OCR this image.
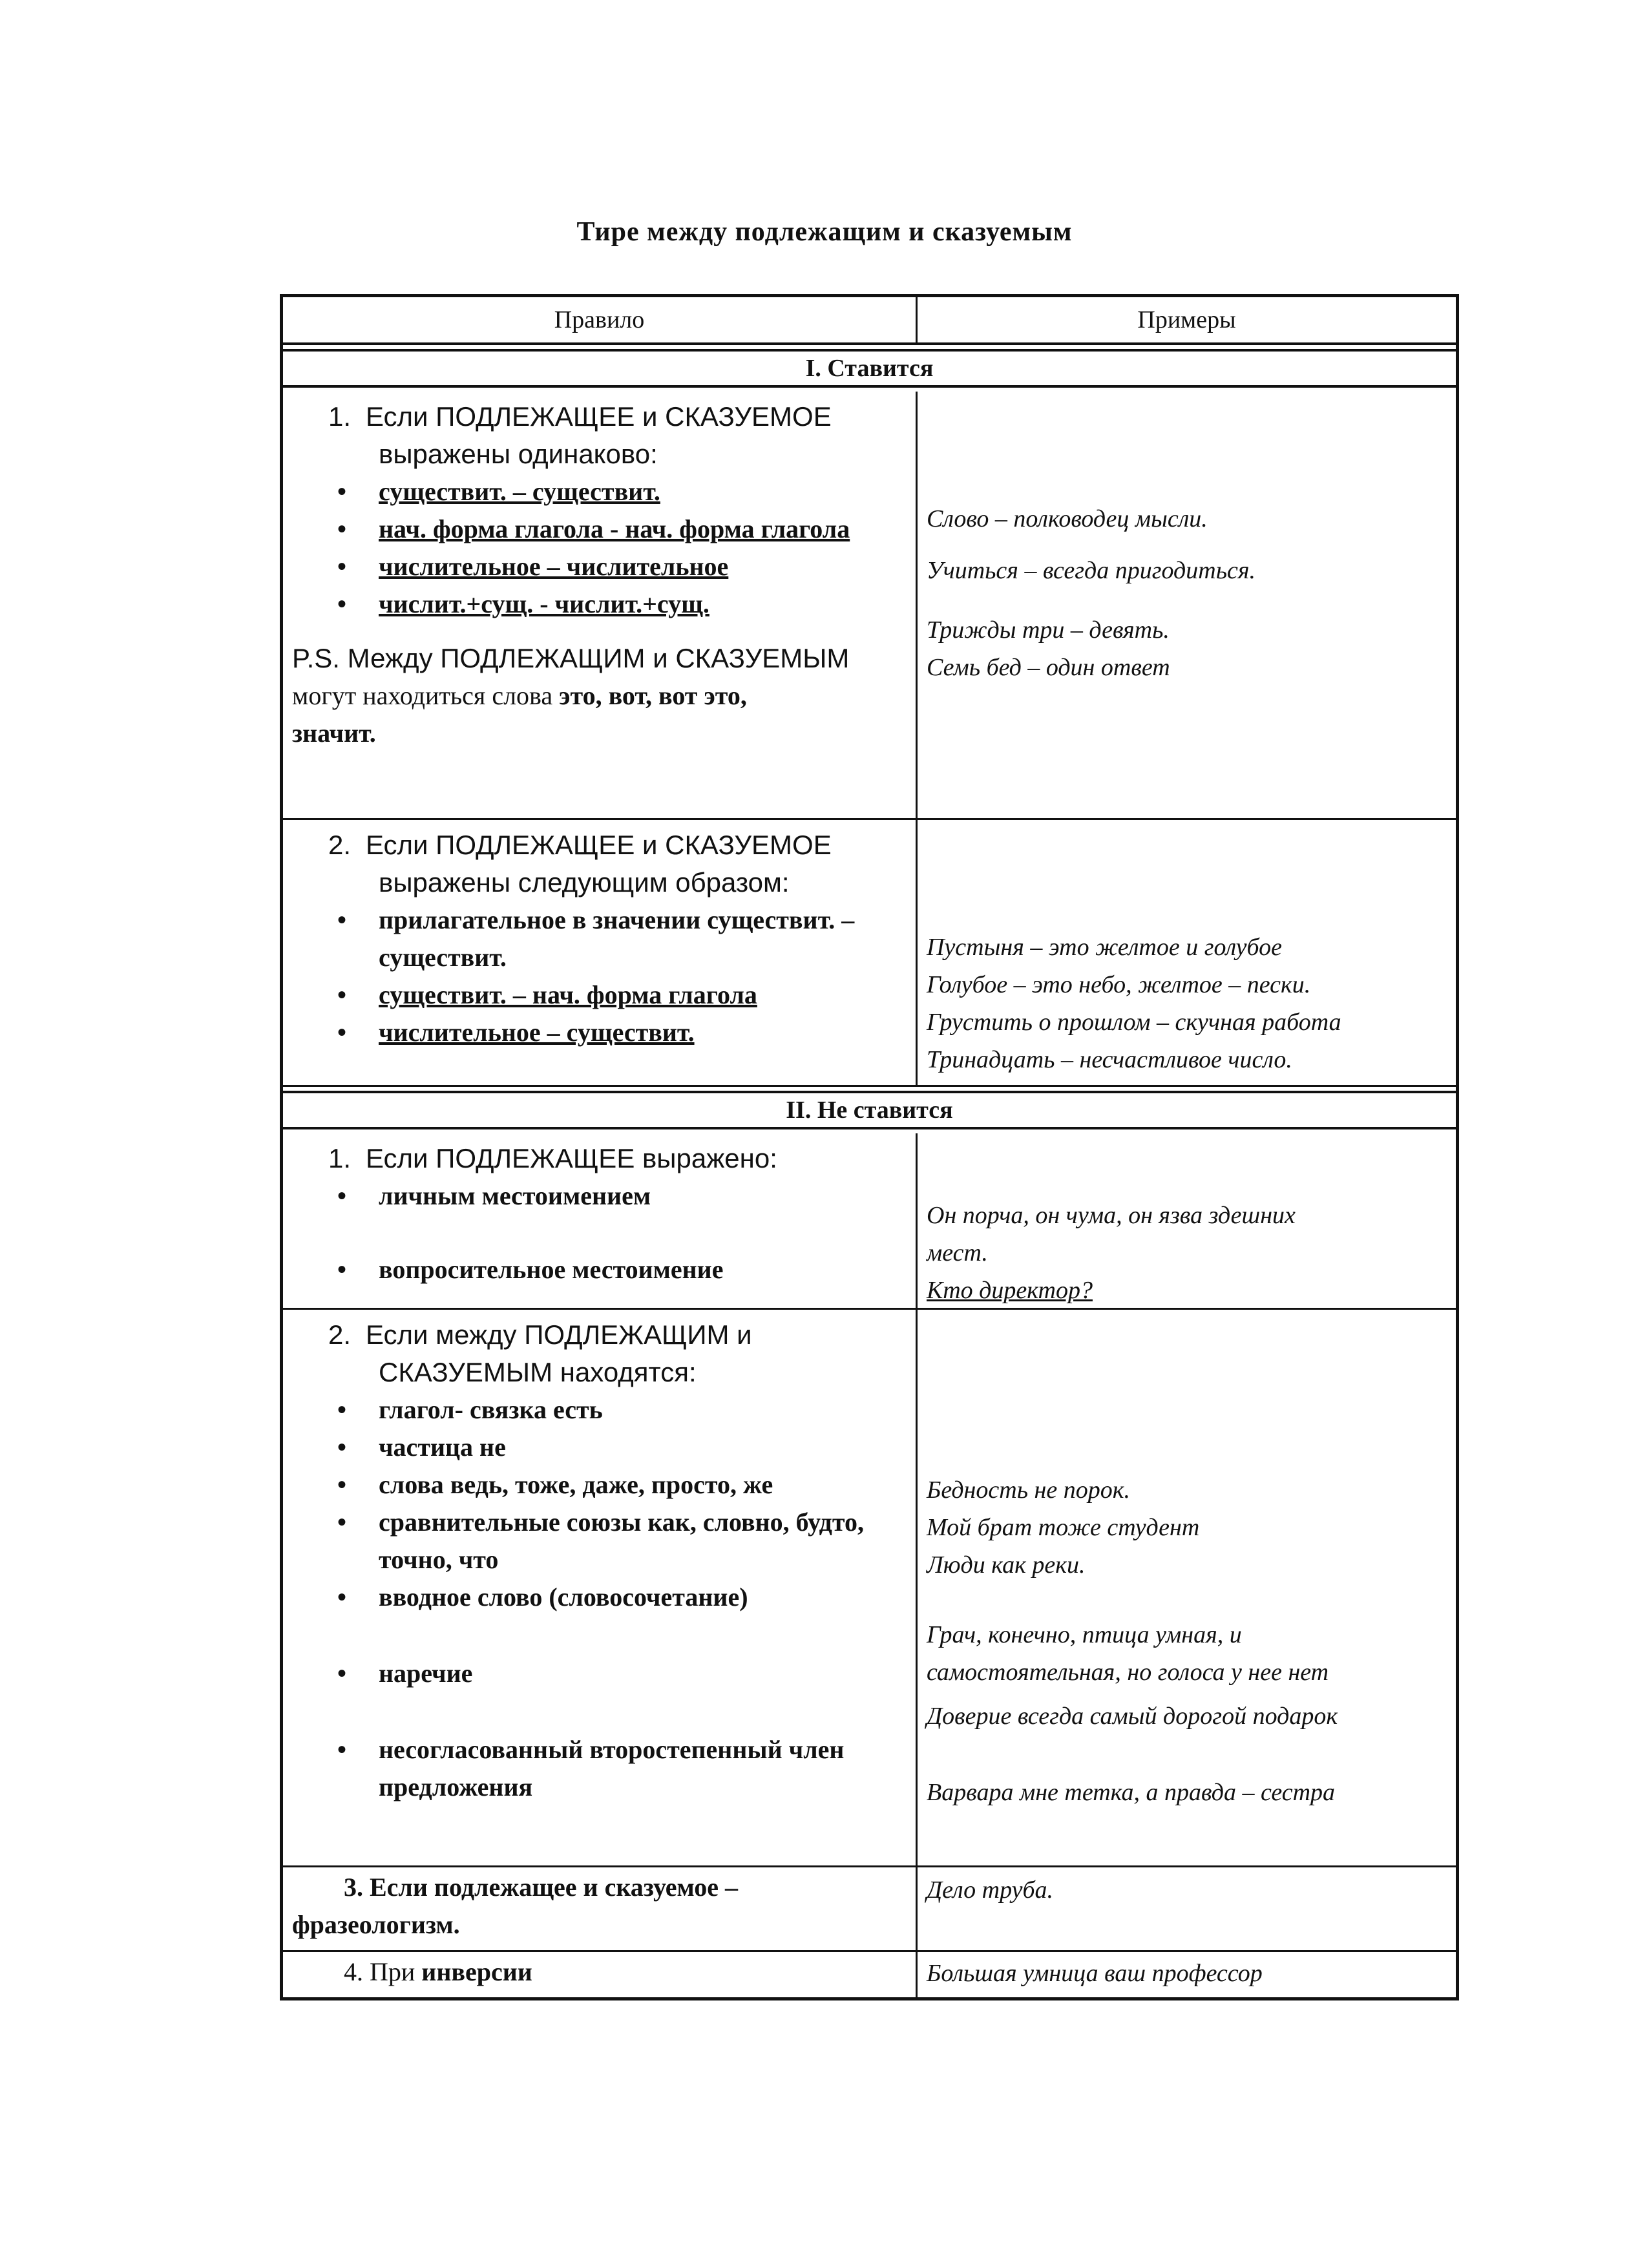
Тире между подлежащим и сказуемым
Правило	Примеры
I. Ставится
1. Если ПОДЛЕЖАЩЕЕ и СКАЗУЕМОЕ
выражены одинаково:
• существит. – существит.
• нач. форма глагола - нач. форма глагола
• числительное – числительное
• числит.+сущ. - числит.+сущ.
P.S. Между ПОДЛЕЖАЩИМ и СКАЗУЕМЫМ
могут находиться слова это, вот, вот это,
значит.
Слово – полководец мысли.
Учиться – всегда пригодиться.
Трижды три – девять.
Семь бед – один ответ
2. Если ПОДЛЕЖАЩЕЕ и СКАЗУЕМОЕ
выражены следующим образом:
• прилагательное в значении существит. – существит.
• существит. – нач. форма глагола
• числительное – существит.
Пустыня – это желтое и голубое
Голубое – это небо, желтое – пески.
Грустить о прошлом – скучная работа
Тринадцать – несчастливое число.
II. Не ставится
1. Если ПОДЛЕЖАЩЕЕ выражено:
• личным местоимением
• вопросительное местоимение
Он порча, он чума, он язва здешних
мест.
Кто директор?
2. Если между ПОДЛЕЖАЩИМ и
СКАЗУЕМЫМ находятся:
• глагол- связка есть
• частица не
• слова ведь, тоже, даже, просто, же
• сравнительные союзы как, словно, будто, точно, что
• вводное слово (словосочетание)
• наречие
• несогласованный второстепенный член предложения
Бедность не порок.
Мой брат тоже студент
Люди как реки.
Грач, конечно, птица умная, и
самостоятельная, но голоса у нее нет
Доверие всегда самый дорогой подарок
Варвара мне тетка, а правда – сестра
3. Если подлежащее и сказуемое –
фразеологизм.
Дело труба.
4. При инверсии	Большая умница ваш профессор
